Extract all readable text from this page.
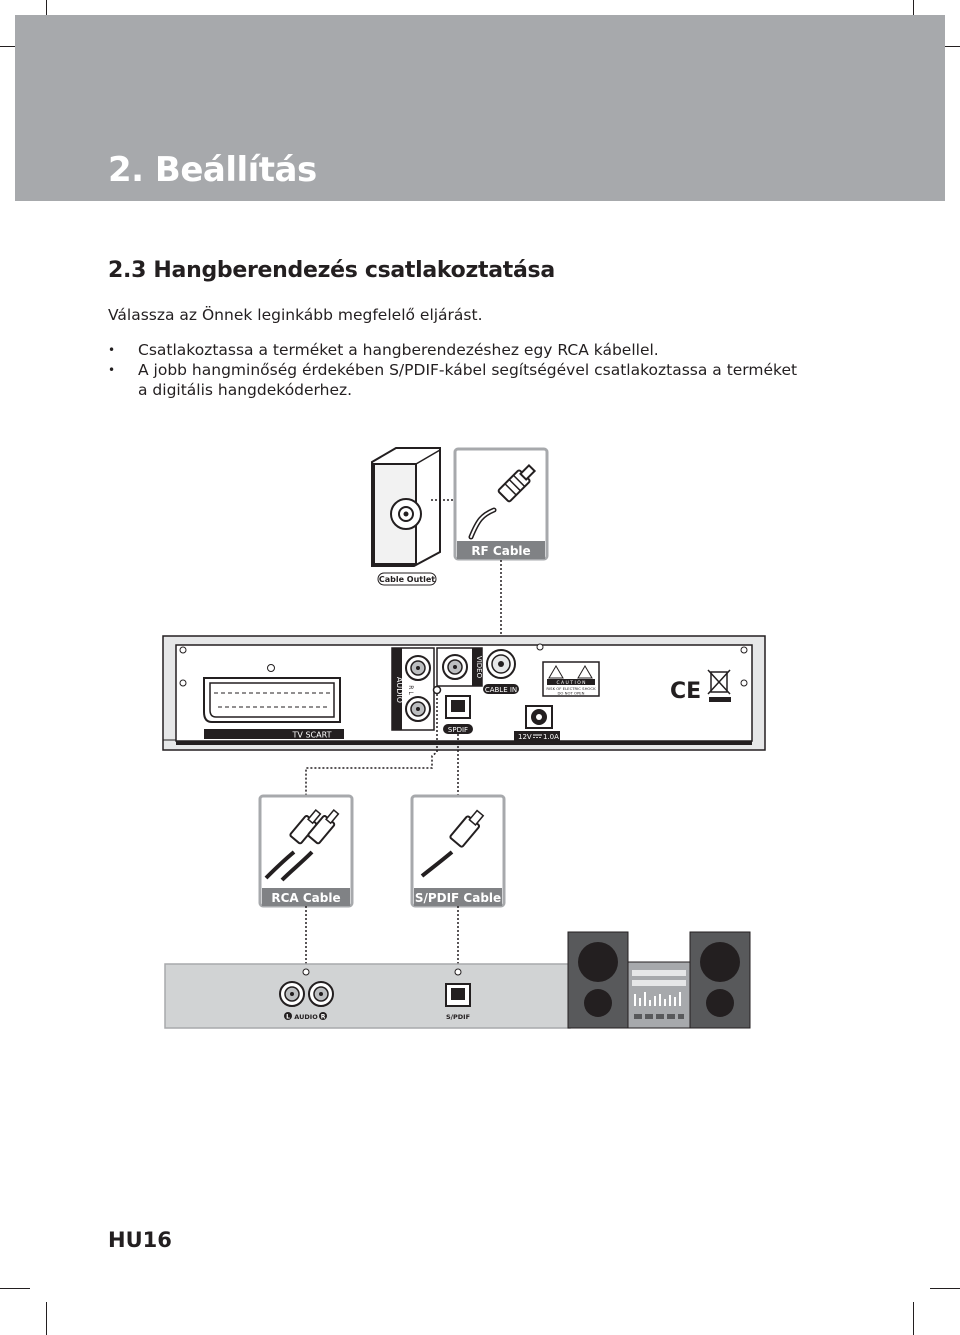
2. Beállítás
2.3 Hangberendezés csatlakoztatása

Válassza az Önnek leginkább megfelelő eljárást.

• Csatlakoztassa a terméket a hangberendezéshez egy RCA kábellel.
• A jobb hangminőség érdekében S/PDIF-kábel segítségével csatlakoztassa a terméket a digitális hangdekóderhez.
Cable Outlet
RF Cable
TV SCART
AUDIO R L
VIDEO
CABLE IN
SPDIF
C A U T I O N
RISK OF ELECTRIC SHOCK
DO NOT OPEN
12V 1.0A
CE
RCA Cable	S/PDIF Cable
L	R
AUDIO	S/PDIF

HU16
